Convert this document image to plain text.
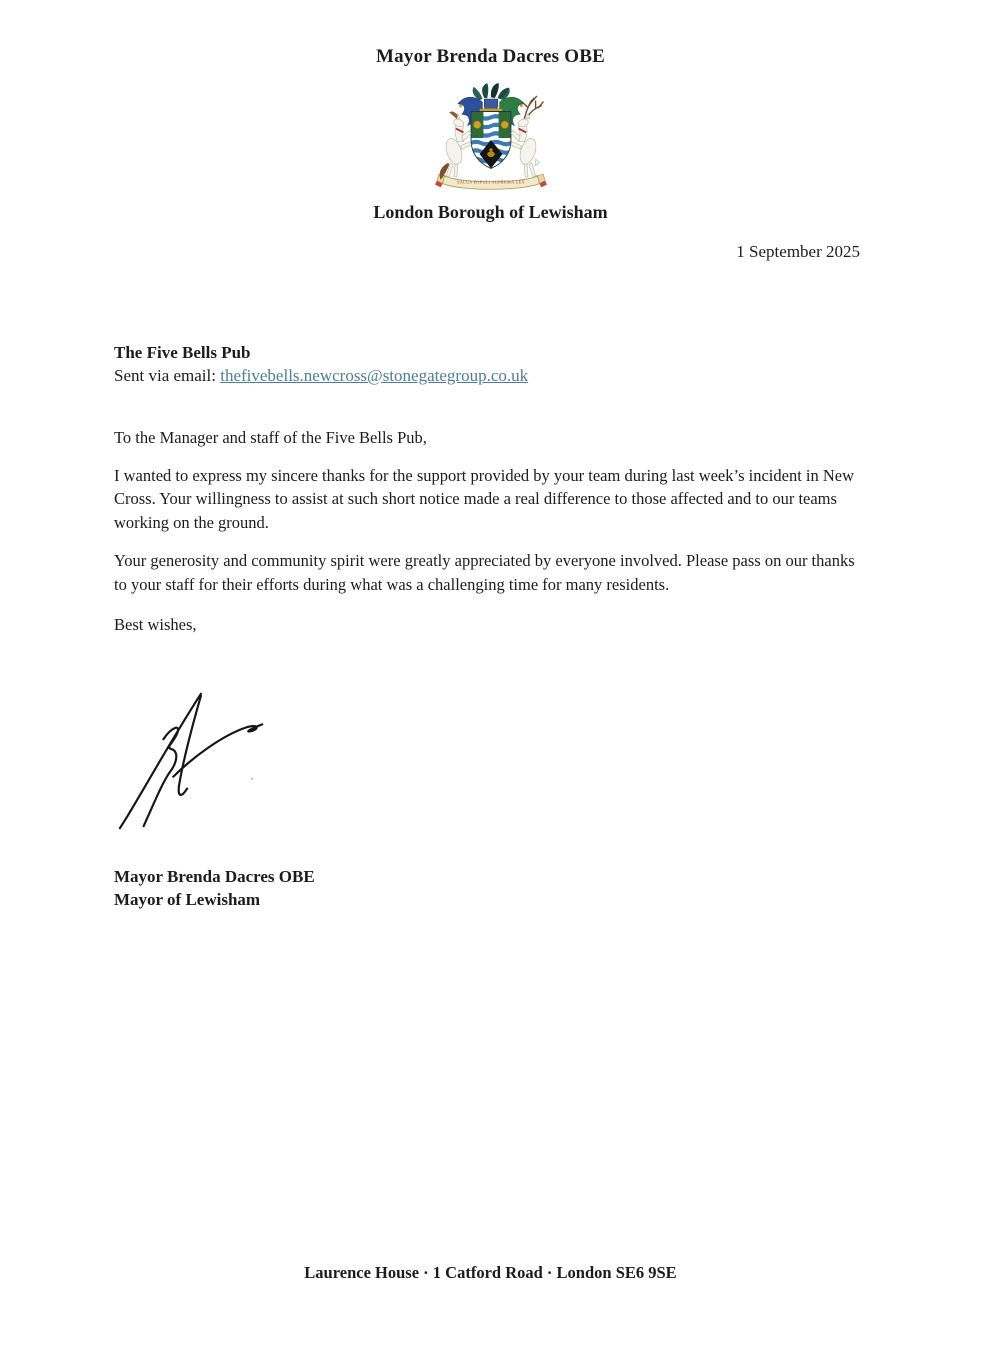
Mayor Brenda Dacres OBE
SALUS POPULI SUPREMA LEX
London Borough of Lewisham
1 September 2025
The Five Bells Pub
Sent via email: thefivebells.newcross@stonegategroup.co.uk

To the Manager and staff of the Five Bells Pub,

I wanted to express my sincere thanks for the support provided by your team during last week’s incident in New Cross. Your willingness to assist at such short notice made a real difference to those affected and to our teams working on the ground.

Your generosity and community spirit were greatly appreciated by everyone involved. Please pass on our thanks to your staff for their efforts during what was a challenging time for many residents.

Best wishes,

Mayor Brenda Dacres OBE
Mayor of Lewisham
Laurence House · 1 Catford Road · London SE6 9SE
